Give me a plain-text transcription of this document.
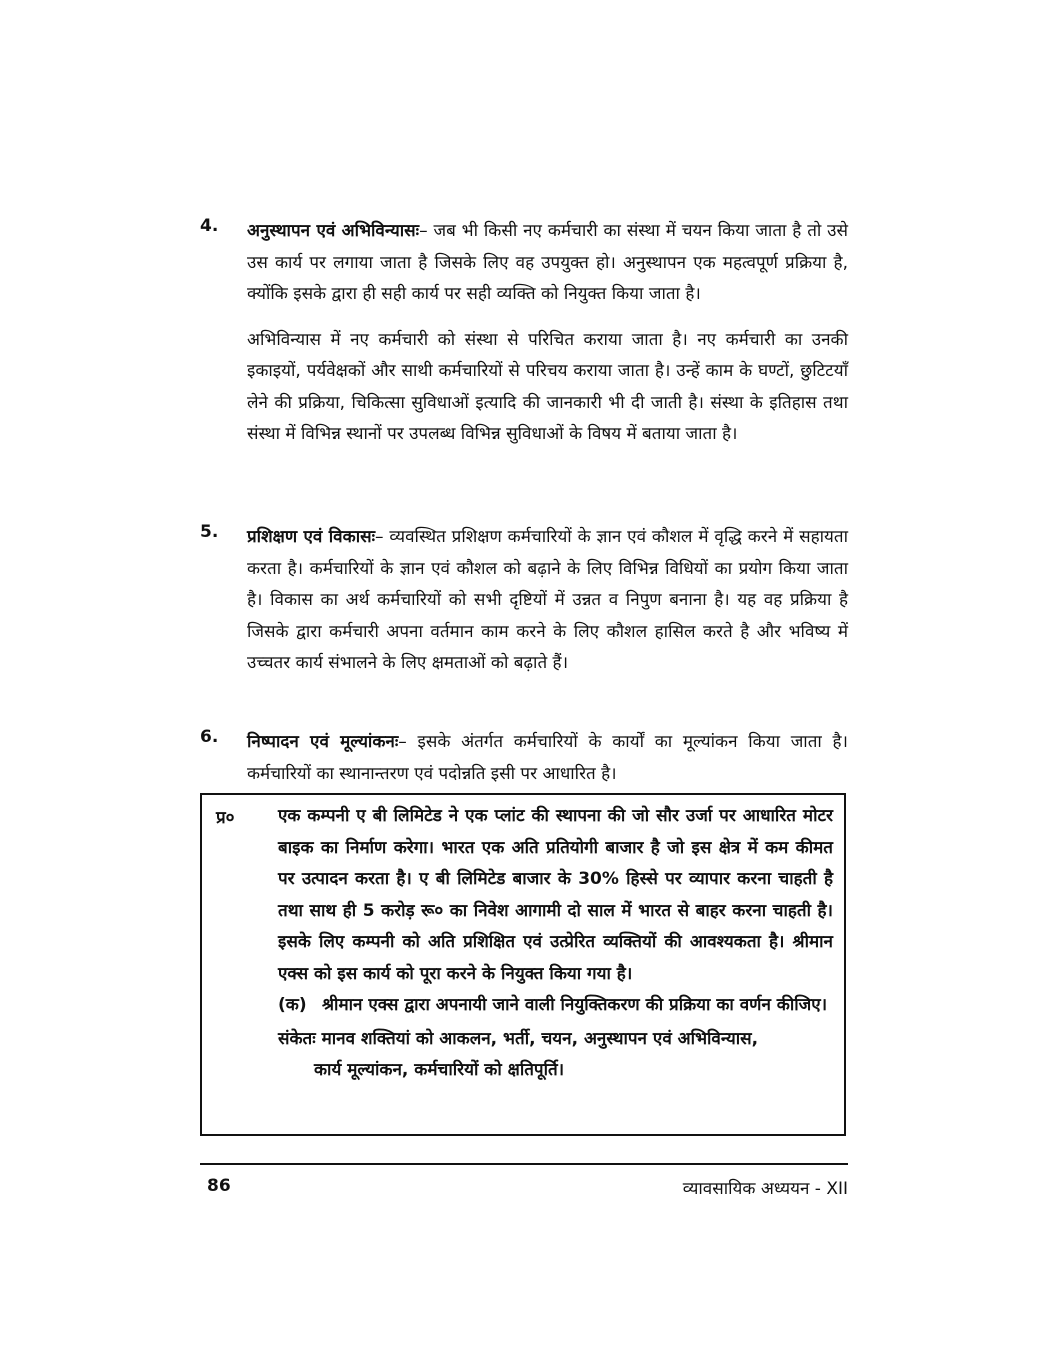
4. अनुस्थापन एवं अभिविन्यासः– जब भी किसी नए कर्मचारी का संस्था में चयन किया जाता है तो उसे उस कार्य पर लगाया जाता है जिसके लिए वह उपयुक्त हो। अनुस्थापन एक महत्वपूर्ण प्रक्रिया है, क्योंकि इसके द्वारा ही सही कार्य पर सही व्यक्ति को नियुक्त किया जाता है।

अभिविन्यास में नए कर्मचारी को संस्था से परिचित कराया जाता है। नए कर्मचारी का उनकी इकाइयों, पर्यवेक्षकों और साथी कर्मचारियों से परिचय कराया जाता है। उन्हें काम के घण्टों, छुटिटयाँ लेने की प्रक्रिया, चिकित्सा सुविधाओं इत्यादि की जानकारी भी दी जाती है। संस्था के इतिहास तथा संस्था में विभिन्न स्थानों पर उपलब्ध विभिन्न सुविधाओं के विषय में बताया जाता है।

5. प्रशिक्षण एवं विकासः– व्यवस्थित प्रशिक्षण कर्मचारियों के ज्ञान एवं कौशल में वृद्धि करने में सहायता करता है। कर्मचारियों के ज्ञान एवं कौशल को बढ़ाने के लिए विभिन्न विधियों का प्रयोग किया जाता है। विकास का अर्थ कर्मचारियों को सभी दृष्टियों में उन्नत व निपुण बनाना है। यह वह प्रक्रिया है जिसके द्वारा कर्मचारी अपना वर्तमान काम करने के लिए कौशल हासिल करते है और भविष्य में उच्चतर कार्य संभालने के लिए क्षमताओं को बढ़ाते हैं।

6. निष्पादन एवं मूल्यांकनः– इसके अंतर्गत कर्मचारियों के कार्यों का मूल्यांकन किया जाता है। कर्मचारियों का स्थानान्तरण एवं पदोन्नति इसी पर आधारित है।

प्र०	एक कम्पनी ए बी लिमिटेड ने एक प्लांट की स्थापना की जो सौर उर्जा पर आधारित मोटर बाइक का निर्माण करेगा। भारत एक अति प्रतियोगी बाजार है जो इस क्षेत्र में कम कीमत पर उत्पादन करता है। ए बी लिमिटेड बाजार के 30% हिस्से पर व्यापार करना चाहती है तथा साथ ही 5 करोड़ रू० का निवेश आगामी दो साल में भारत से बाहर करना चाहती है। इसके लिए कम्पनी को अति प्रशिक्षित एवं उत्प्रेरित व्यक्तियों की आवश्यकता है। श्रीमान एक्स को इस कार्य को पूरा करने के नियुक्त किया गया है।

(क) श्रीमान एक्स द्वारा अपनायी जाने वाली नियुक्तिकरण की प्रक्रिया का वर्णन कीजिए।
संकेतः मानव शक्तियां को आकलन, भर्ती, चयन, अनुस्थापन एवं अभिविन्यास,
कार्य मूल्यांकन, कर्मचारियों को क्षतिपूर्ति।
86	व्यावसायिक अध्ययन - XII
